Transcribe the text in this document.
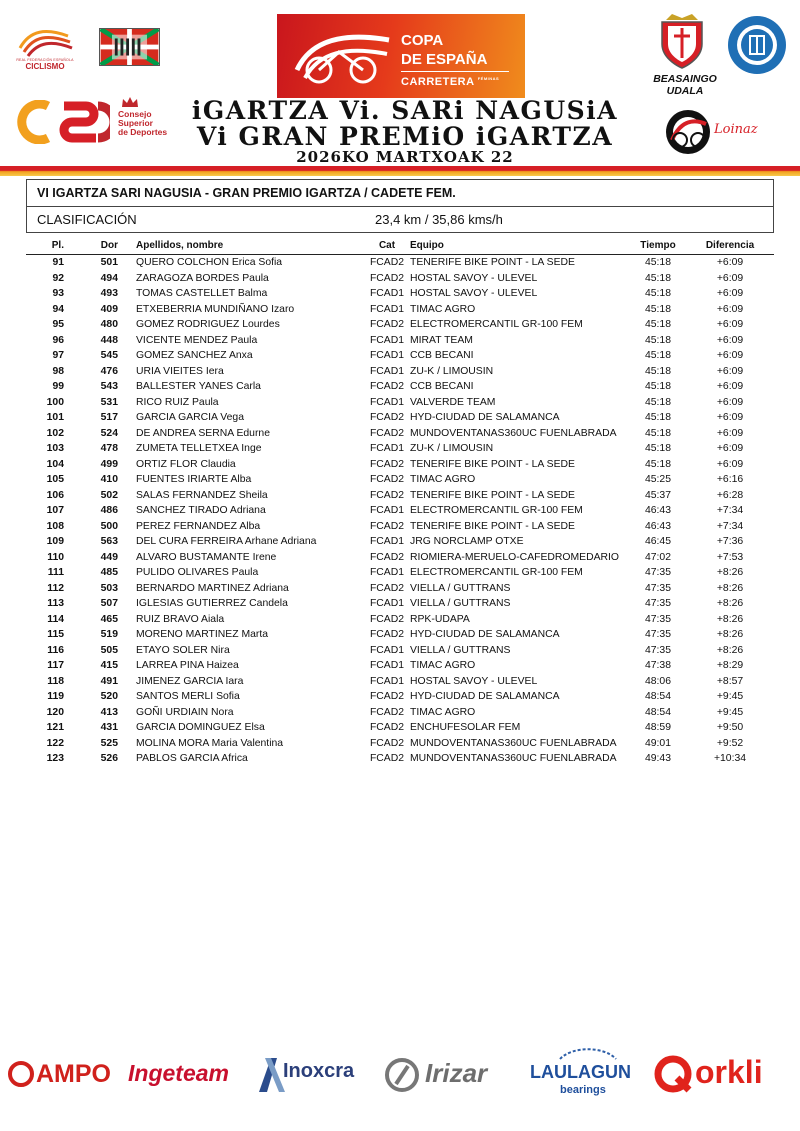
REAL FEDERACIÓN ESPAÑOLA
CICLISMO
COPA
DE ESPAÑA
CARRETERA $^{FÉMINAS}$
Consejo
Superior
de Deportes
iGARTZA Vi. SARi NAGUSiA
Vi GRAN PREMiO iGARTZA
2026KO MARTXOAK 22
BEASAINGO
UDALA
Loinaz
VI IGARTZA SARI NAGUSIA - GRAN PREMIO IGARTZA / CADETE FEM.
CLASIFICACIÓN	23,4 km / 35,86 kms/h
Pl.	Dor Apellidos, nombre	Cat	Equipo	Tiempo	Diferencia
91	501 QUERO COLCHON Erica Sofia	FCAD2 TENERIFE BIKE POINT - LA SEDE	45:18	+6:09
92	494 ZARAGOZA BORDES Paula	FCAD2 HOSTAL SAVOY - ULEVEL	45:18	+6:09
93	493 TOMAS CASTELLET Balma	FCAD1 HOSTAL SAVOY - ULEVEL	45:18	+6:09
94	409 ETXEBERRIA MUNDIÑANO Izaro	FCAD1 TIMAC AGRO	45:18	+6:09
95	480 GOMEZ RODRIGUEZ Lourdes	FCAD2 ELECTROMERCANTIL GR-100 FEM	45:18	+6:09
96	448 VICENTE MENDEZ Paula	FCAD1 MIRAT TEAM	45:18	+6:09
97	545 GOMEZ SANCHEZ Anxa	FCAD1 CCB BECANI	45:18	+6:09
98	476 URIA VIEITES Iera	FCAD1 ZU-K / LIMOUSIN	45:18	+6:09
99	543 BALLESTER YANES Carla	FCAD2 CCB BECANI	45:18	+6:09
100	531 RICO RUIZ Paula	FCAD1 VALVERDE TEAM	45:18	+6:09
101	517 GARCIA GARCIA Vega	FCAD2 HYD-CIUDAD DE SALAMANCA	45:18	+6:09
102	524 DE ANDREA SERNA Edurne	FCAD2 MUNDOVENTANAS360UC FUENLABRADA	45:18	+6:09
103	478 ZUMETA TELLETXEA Inge	FCAD1 ZU-K / LIMOUSIN	45:18	+6:09
104	499 ORTIZ FLOR Claudia	FCAD2 TENERIFE BIKE POINT - LA SEDE	45:18	+6:09
105	410 FUENTES IRIARTE Alba	FCAD2 TIMAC AGRO	45:25	+6:16
106	502 SALAS FERNANDEZ Sheila	FCAD2 TENERIFE BIKE POINT - LA SEDE	45:37	+6:28
107	486 SANCHEZ TIRADO Adriana	FCAD1 ELECTROMERCANTIL GR-100 FEM	46:43	+7:34
108	500 PEREZ FERNANDEZ Alba	FCAD2 TENERIFE BIKE POINT - LA SEDE	46:43	+7:34
109	563 DEL CURA FERREIRA Arhane Adriana	FCAD1 JRG NORCLAMP OTXE	46:45	+7:36
110	449 ALVARO BUSTAMANTE Irene	FCAD2 RIOMIERA-MERUELO-CAFEDROMEDARIO	47:02	+7:53
111	485 PULIDO OLIVARES Paula	FCAD1 ELECTROMERCANTIL GR-100 FEM	47:35	+8:26
112	503 BERNARDO MARTINEZ Adriana	FCAD2 VIELLA / GUTTRANS	47:35	+8:26
113	507 IGLESIAS GUTIERREZ Candela	FCAD1 VIELLA / GUTTRANS	47:35	+8:26
114	465 RUIZ BRAVO Aiala	FCAD2 RPK-UDAPA	47:35	+8:26
115	519 MORENO MARTINEZ Marta	FCAD2 HYD-CIUDAD DE SALAMANCA	47:35	+8:26
116	505 ETAYO SOLER Nira	FCAD1 VIELLA / GUTTRANS	47:35	+8:26
117	415 LARREA PINA Haizea	FCAD1 TIMAC AGRO	47:38	+8:29
118	491 JIMENEZ GARCIA Iara	FCAD1 HOSTAL SAVOY - ULEVEL	48:06	+8:57
119	520 SANTOS MERLI Sofia	FCAD2 HYD-CIUDAD DE SALAMANCA	48:54	+9:45
120	413 GOÑI URDIAIN Nora	FCAD2 TIMAC AGRO	48:54	+9:45
121	431 GARCIA DOMINGUEZ Elsa	FCAD2 ENCHUFESOLAR FEM	48:59	+9:50
122	525 MOLINA MORA Maria Valentina	FCAD2 MUNDOVENTANAS360UC FUENLABRADA	49:01	+9:52
123	526 PABLOS GARCIA Africa	FCAD2 MUNDOVENTANAS360UC FUENLABRADA	49:43	+10:34
AMPO Ingeteam	Inoxcra	Irizar LAULAGUN
bearings	orkli
